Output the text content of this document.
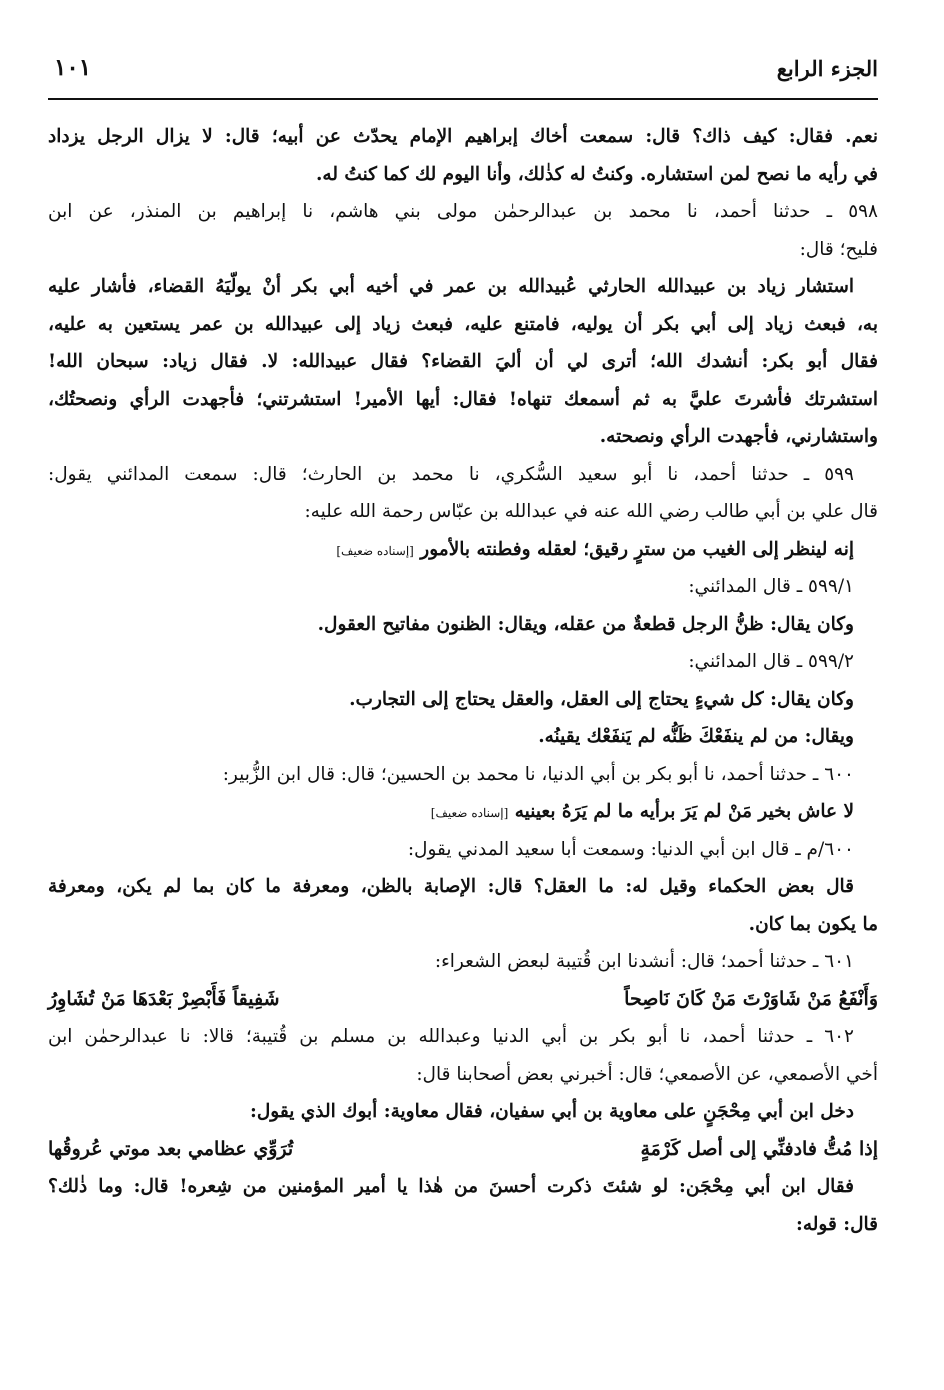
الجزء الرابع
١٠١
نعم. فقال: كيف ذاك؟ قال: سمعت أخاك إبراهيم الإمام يحدّث عن أبيه؛ قال: لا يزال الرجل يزداد
في رأيه ما نصح لمن استشاره. وكنتُ له كذٰلك، وأنا اليوم لك كما كنتُ له.
٥٩٨ ـ حدثنا أحمد، نا محمد بن عبدالرحمٰن مولى بني هاشم، نا إبراهيم بن المنذر، عن ابن
فليح؛ قال:
استشار زياد بن عبيدالله الحارثي عُبيدالله بن عمر في أخيه أبي بكر أنْ يولّيَهُ القضاء، فأشار عليه
به، فبعث زياد إلى أبي بكر أن يوليه، فامتنع عليه، فبعث زياد إلى عبيدالله بن عمر يستعين به عليه،
فقال أبو بكر: أنشدك الله؛ أترى لي أن أليَ القضاء؟ فقال عبيدالله: لا. فقال زياد: سبحان الله!
استشرتك فأشرتَ عليَّ به ثم أسمعك تنهاه! فقال: أيها الأمير! استشرتني؛ فأجهدت الرأي ونصحتُك،
واستشارني، فأجهدت الرأي ونصحته.
٥٩٩ ـ حدثنا أحمد، نا أبو سعيد السُّكري، نا محمد بن الحارث؛ قال: سمعت المدائني يقول:
قال علي بن أبي طالب رضي الله عنه في عبدالله بن عبّاس رحمة الله عليه:
إنه لينظر إلى الغيب من سترٍ رقيق؛ لعقله وفطنته بالأمور [إسناده ضعيف]
٥٩٩/١ ـ قال المدائني:
وكان يقال: ظنُّ الرجل قطعةٌ من عقله، ويقال: الظنون مفاتيح العقول.
٥٩٩/٢ ـ قال المدائني:
وكان يقال: كل شيءٍ يحتاج إلى العقل، والعقل يحتاج إلى التجارب.
ويقال: من لم ينفَعْكَ ظَنُّه لم يَنفَعْك يقينُه.
٦٠٠ ـ حدثنا أحمد، نا أبو بكر بن أبي الدنيا، نا محمد بن الحسين؛ قال: قال ابن الزُّبير:
لا عاش بخير مَنْ لم يَرَ برأيه ما لم يَرَهُ بعينيه [إسناده ضعيف]
٦٠٠/م ـ قال ابن أبي الدنيا: وسمعت أبا سعيد المدني يقول:
قال بعض الحكماء وقيل له: ما العقل؟ قال: الإصابة بالظن، ومعرفة ما كان بما لم يكن، ومعرفة
ما يكون بما كان.
٦٠١ ـ حدثنا أحمد؛ قال: أنشدنا ابن قُتيبة لبعض الشعراء:
وَأَنْفَعُ مَنْ شَاوَرْتَ مَنْ كَانَ نَاصِحاً
شَفِيقاً فَأَبْصِرْ بَعْدَهَا مَنْ تُشَاوِرُ
٦٠٢ ـ حدثنا أحمد، نا أبو بكر بن أبي الدنيا وعبدالله بن مسلم بن قُتيبة؛ قالا: نا عبدالرحمٰن ابن
أخي الأصمعي، عن الأصمعي؛ قال: أخبرني بعض أصحابنا قال:
دخل ابن أبي مِحْجَنٍ على معاوية بن أبي سفيان، فقال معاوية: أبوك الذي يقول:
إذا مُتُّ فادفنِّي إلى أصل كَرْمَةٍ
تُرَوِّي عظامي بعد موتي عُروقُها
فقال ابن أبي مِحْجَن: لو شئتَ ذكرت أحسنَ من هٰذا يا أمير المؤمنين من شِعره! قال: وما ذٰلك؟
قال: قوله:
